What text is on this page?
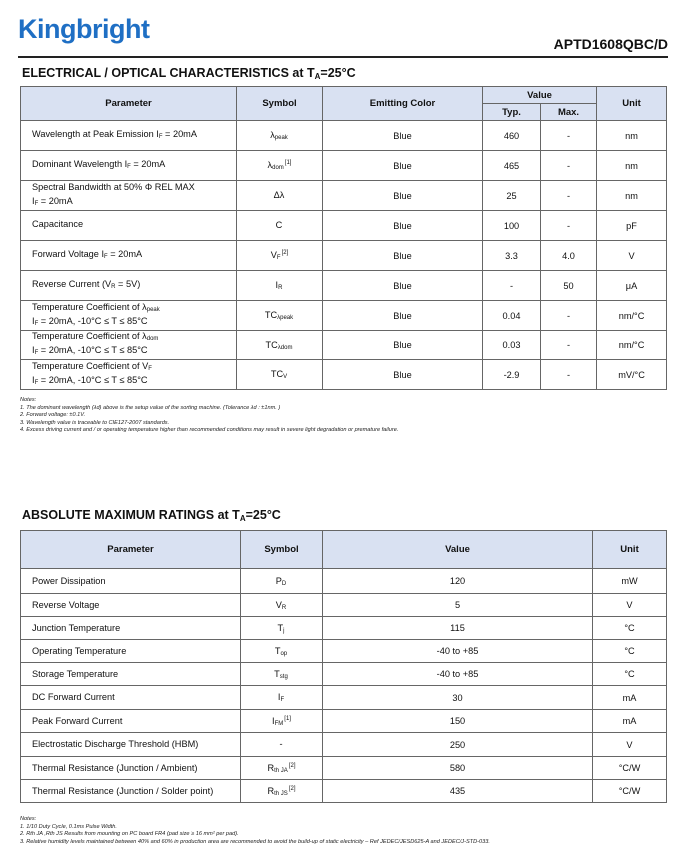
Kingbright	APTD1608QBC/D
ELECTRICAL / OPTICAL CHARACTERISTICS at $T_A=25^\circ C$
Parameter	Symbol	Emitting Color	Value		Unit
			Typ.	Max.	

Wavelength at Peak Emission IF = 20mA	λpeak	Blue	460	-	nm

Dominant Wavelength IF = 20mA	λdom[1]	Blue	465	-	nm

Spectral Bandwidth at 50% Φ REL MAX
IF = 20mA	Δλ	Blue	25	-	nm

Capacitance	C	Blue	100	-	pF

Forward Voltage IF = 20mA	VF[2]	Blue	3.3	4.0	V

Reverse Current (VR = 5V)	IR	Blue	-	50	μA

Temperature Coefficient of λpeak
IF = 20mA, -10°C ≤ T ≤ 85°C	TCλpeak	Blue	0.04	-	nm/°C

Temperature Coefficient of λdom
IF = 20mA, -10°C ≤ T ≤ 85°C	TCλdom	Blue	0.03	-	nm/°C

Temperature Coefficient of VF
IF = 20mA, -10°C ≤ T ≤ 85°C	TCV	Blue	-2.9	-	mV/°C
Notes:
1. The dominant wavelength (λd) above is the setup value of the sorting machine. (Tolerance λd : ±1nm. )
2. Forward voltage: ±0.1V.
3. Wavelength value is traceable to CIE127-2007 standards.
4. Excess driving current and / or operating temperature higher than recommended conditions may result in severe light degradation or premature failure.
ABSOLUTE MAXIMUM RATINGS at $T_A=25^\circ C$
Parameter	Symbol	Value	Unit
Power Dissipation	PD	120	mW
Reverse Voltage	VR	5	V
Junction Temperature	Tj	115	°C
Operating Temperature	Top	-40 to +85	°C
Storage Temperature	Tstg	-40 to +85	°C
DC Forward Current	IF	30	mA
Peak Forward Current	IFM[1]	150	mA
Electrostatic Discharge Threshold (HBM)	-	250	V
Thermal Resistance (Junction / Ambient)	Rth JA[2]	580	°C/W
Thermal Resistance (Junction / Solder point)	Rth JS[2]	435	°C/W
Notes:
1. 1/10 Duty Cycle, 0.1ms Pulse Width.
2. Rth JA ,Rth JS Results from mounting on PC board FR4 (pad size ≥ 16 mm² per pad).
3. Relative humidity levels maintained between 40% and 60% in production area are recommended to avoid the build-up of static electricity – Ref JEDEC/JESD625-A and JEDEC/J-STD-033.
